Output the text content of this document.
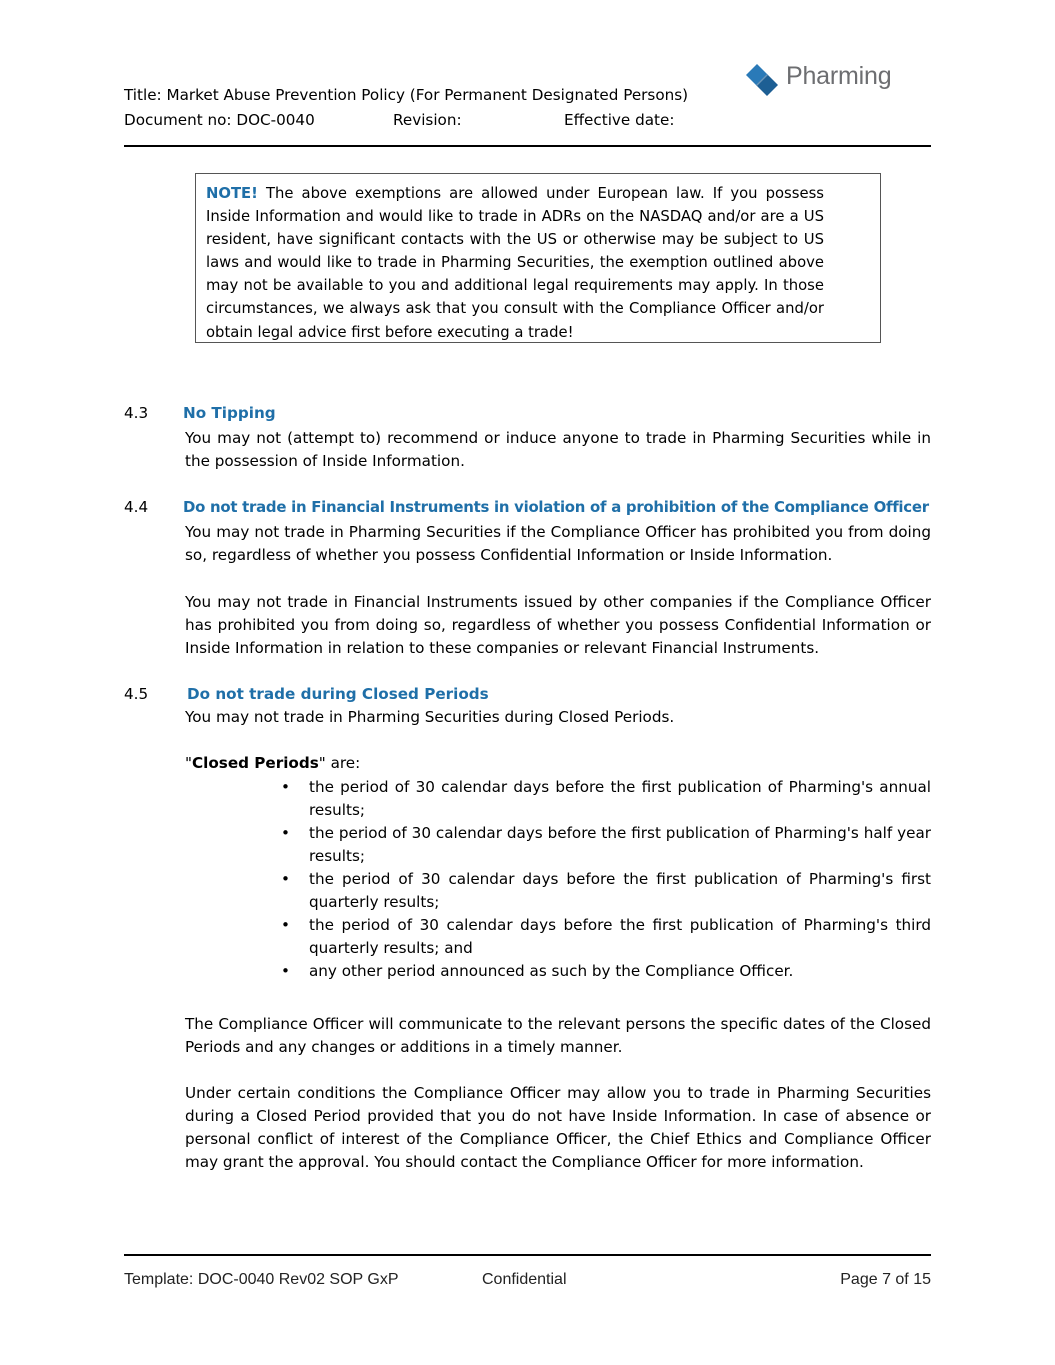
Title: Market Abuse Prevention Policy (For Permanent Designated Persons)
Document no: DOC-0040	Revision:	Effective date:
Pharming
NOTE! The above exemptions are allowed under European law. If you possess Inside Information and would like to trade in ADRs on the NASDAQ and/or are a US resident, have significant contacts with the US or otherwise may be subject to US laws and would like to trade in Pharming Securities, the exemption outlined above may not be available to you and additional legal requirements may apply. In those circumstances, we always ask that you consult with the Compliance Officer and/or obtain legal advice first before executing a trade!
4.3 No Tipping
You may not (attempt to) recommend or induce anyone to trade in Pharming Securities while in the possession of Inside Information.
4.4 Do not trade in Financial Instruments in violation of a prohibition of the Compliance Officer
You may not trade in Pharming Securities if the Compliance Officer has prohibited you from doing so, regardless of whether you possess Confidential Information or Inside Information.
You may not trade in Financial Instruments issued by other companies if the Compliance Officer has prohibited you from doing so, regardless of whether you possess Confidential Information or Inside Information in relation to these companies or relevant Financial Instruments.
4.5	Do not trade during Closed Periods
You may not trade in Pharming Securities during Closed Periods.
"Closed Periods" are:
• the period of 30 calendar days before the first publication of Pharming's annual results;
• the period of 30 calendar days before the first publication of Pharming's half year results;
• the period of 30 calendar days before the first publication of Pharming's first quarterly results;
• the period of 30 calendar days before the first publication of Pharming's third quarterly results; and
• any other period announced as such by the Compliance Officer.
The Compliance Officer will communicate to the relevant persons the specific dates of the Closed Periods and any changes or additions in a timely manner.
Under certain conditions the Compliance Officer may allow you to trade in Pharming Securities during a Closed Period provided that you do not have Inside Information. In case of absence or personal conflict of interest of the Compliance Officer, the Chief Ethics and Compliance Officer may grant the approval. You should contact the Compliance Officer for more information.
Template: DOC-0040 Rev02 SOP GxP	Confidential	Page 7 of 15
